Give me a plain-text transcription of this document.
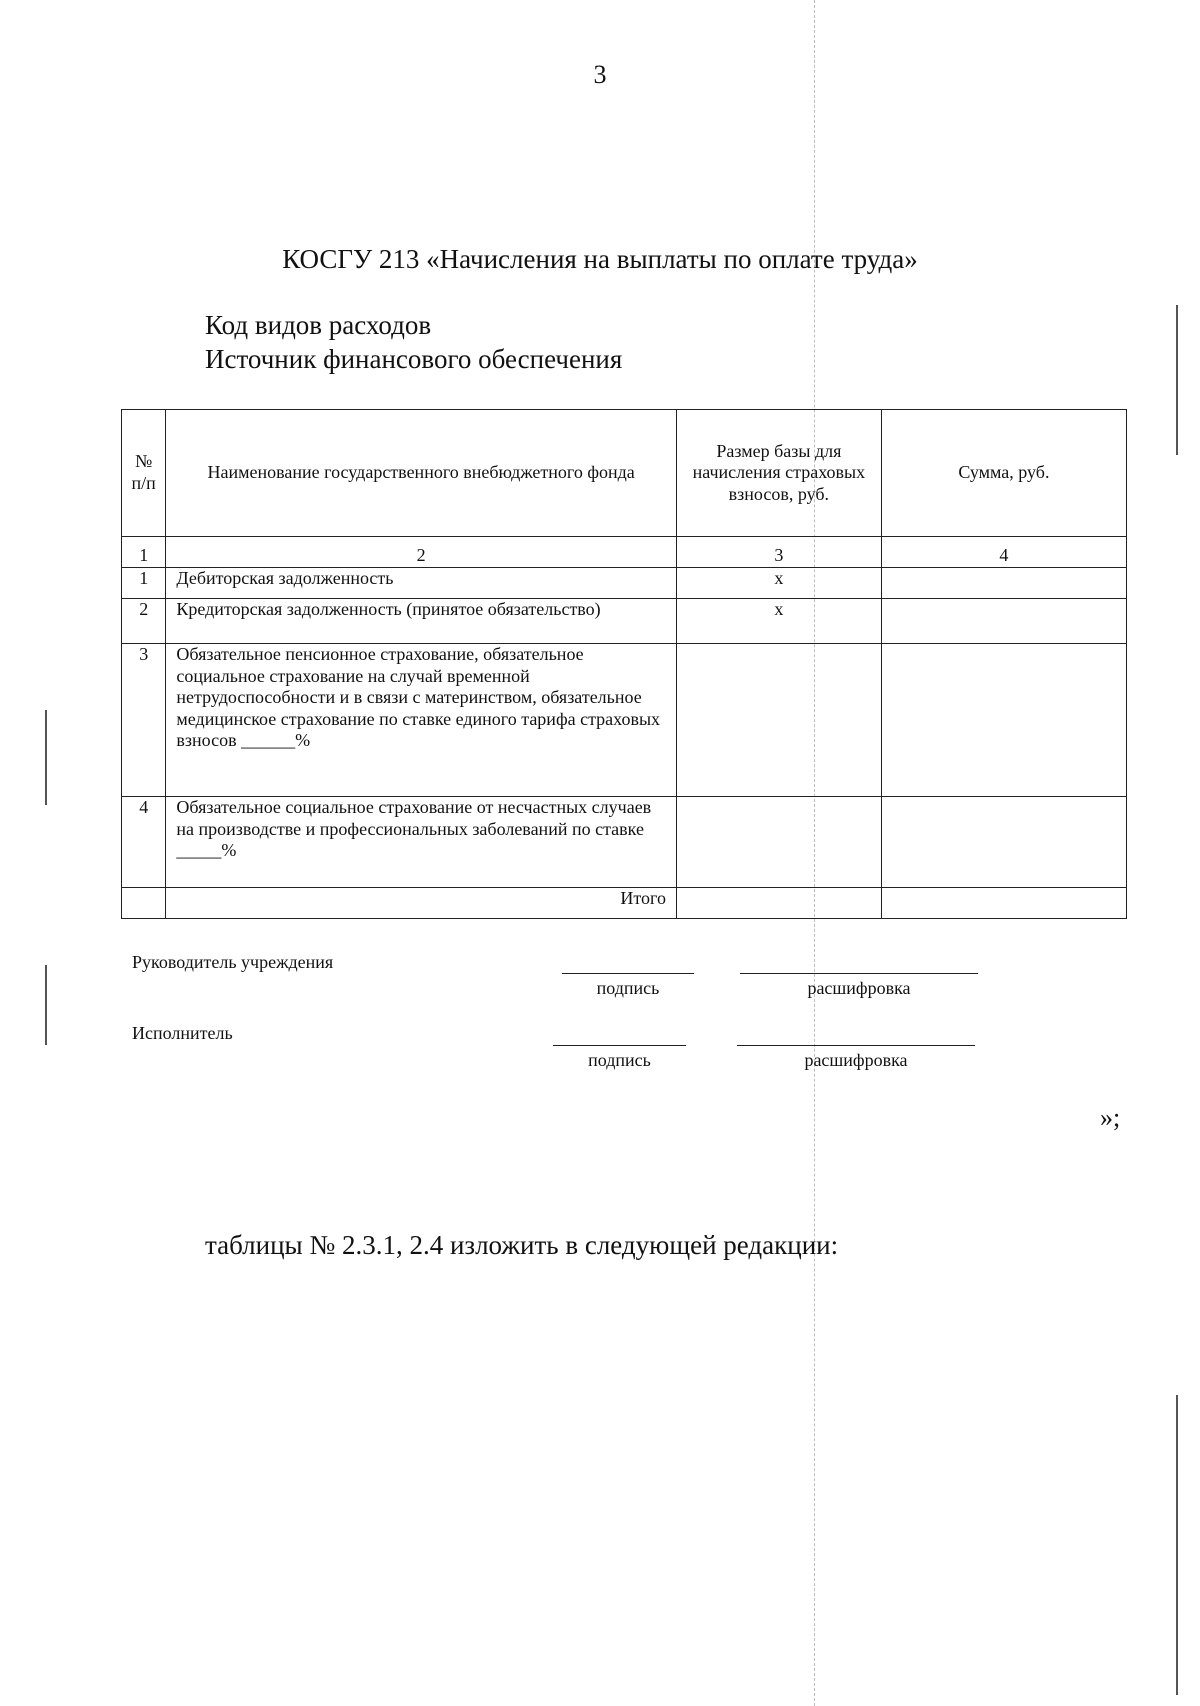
3
КОСГУ 213 «Начисления на выплаты по оплате труда»
Код видов расходов
Источник финансового обеспечения
№ п/п	Наименование государственного внебюджетного фонда	Размер базы для начисления страховых взносов, руб.	Сумма, руб.
1	2	3	4
1	Дебиторская задолженность	х	
2	Кредиторская задолженность (принятое обязательство)	х	
3	Обязательное пенсионное страхование, обязательное социальное страхование на случай временной нетрудоспособности и в связи с материнством, обязательное медицинское страхование по ставке единого тарифа страховых взносов ______%		
4	Обязательное социальное страхование от несчастных случаев на производстве и профессиональных заболеваний по ставке _____%		
	Итого		
Руководитель учреждения
подпись	расшифровка
Исполнитель
подпись	расшифровка
»;
таблицы № 2.3.1, 2.4 изложить в следующей редакции:
